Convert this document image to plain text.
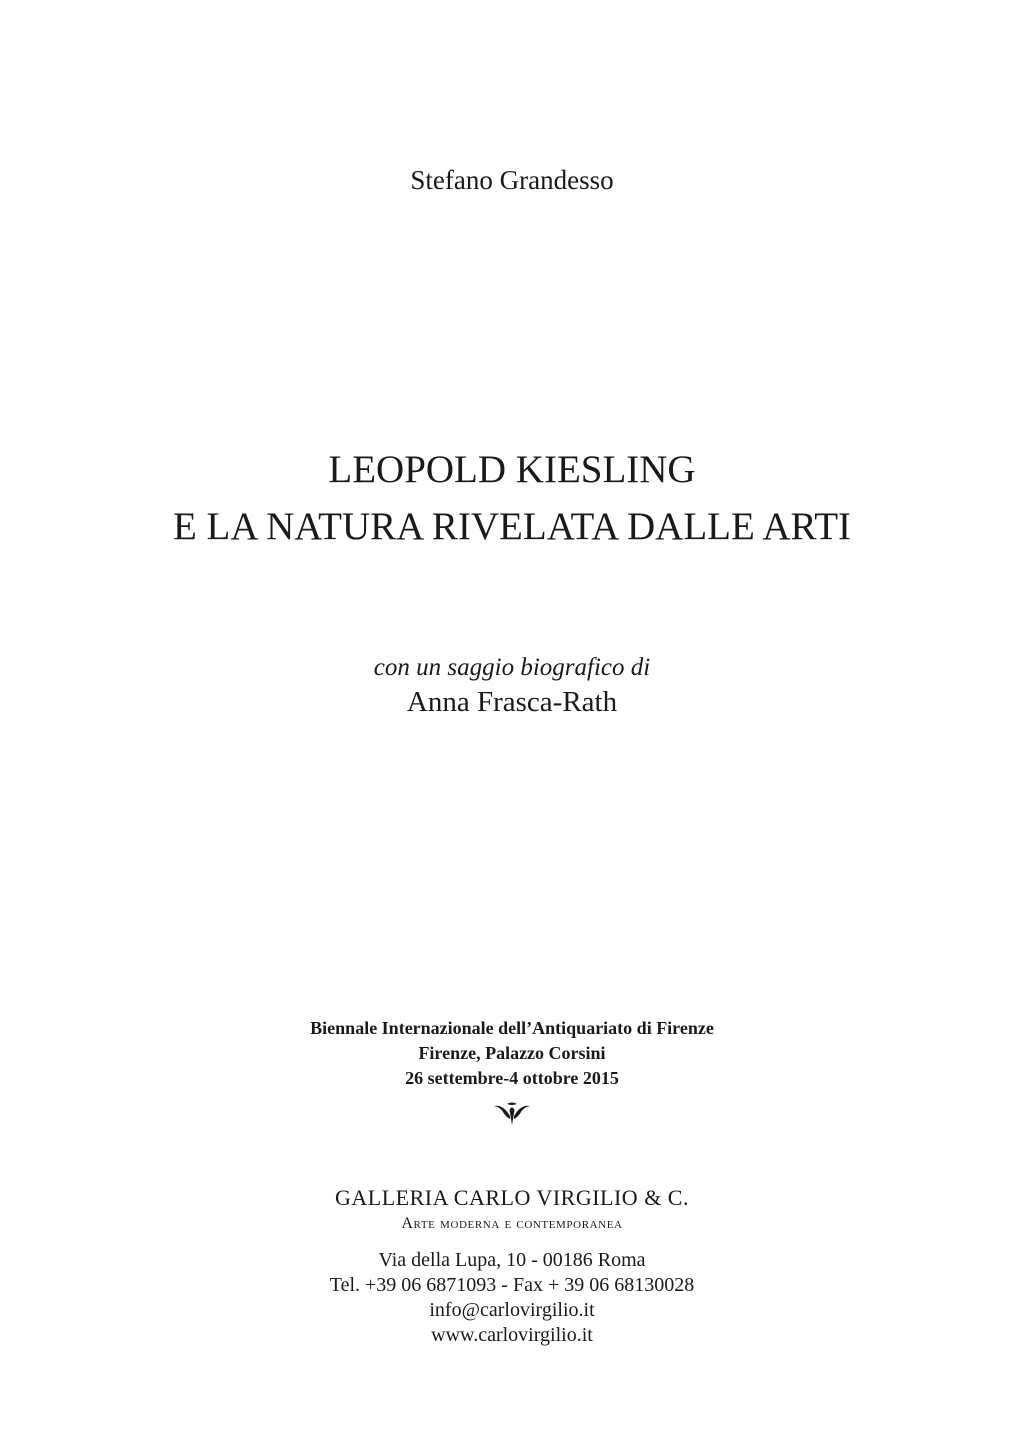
Stefano Grandesso

LEOPOLD KIESLING
E LA NATURA RIVELATA DALLE ARTI

con un saggio biografico di

Anna Frasca-Rath

Biennale Internazionale dell’Antiquariato di Firenze

Firenze, Palazzo Corsini

26 settembre-4 ottobre 2015

GALLERIA CARLO VIRGILIO & C.

Arte moderna e contemporanea

Via della Lupa, 10 - 00186 Roma

Tel. +39 06 6871093 - Fax + 39 06 68130028

info@carlovirgilio.it

www.carlovirgilio.it
